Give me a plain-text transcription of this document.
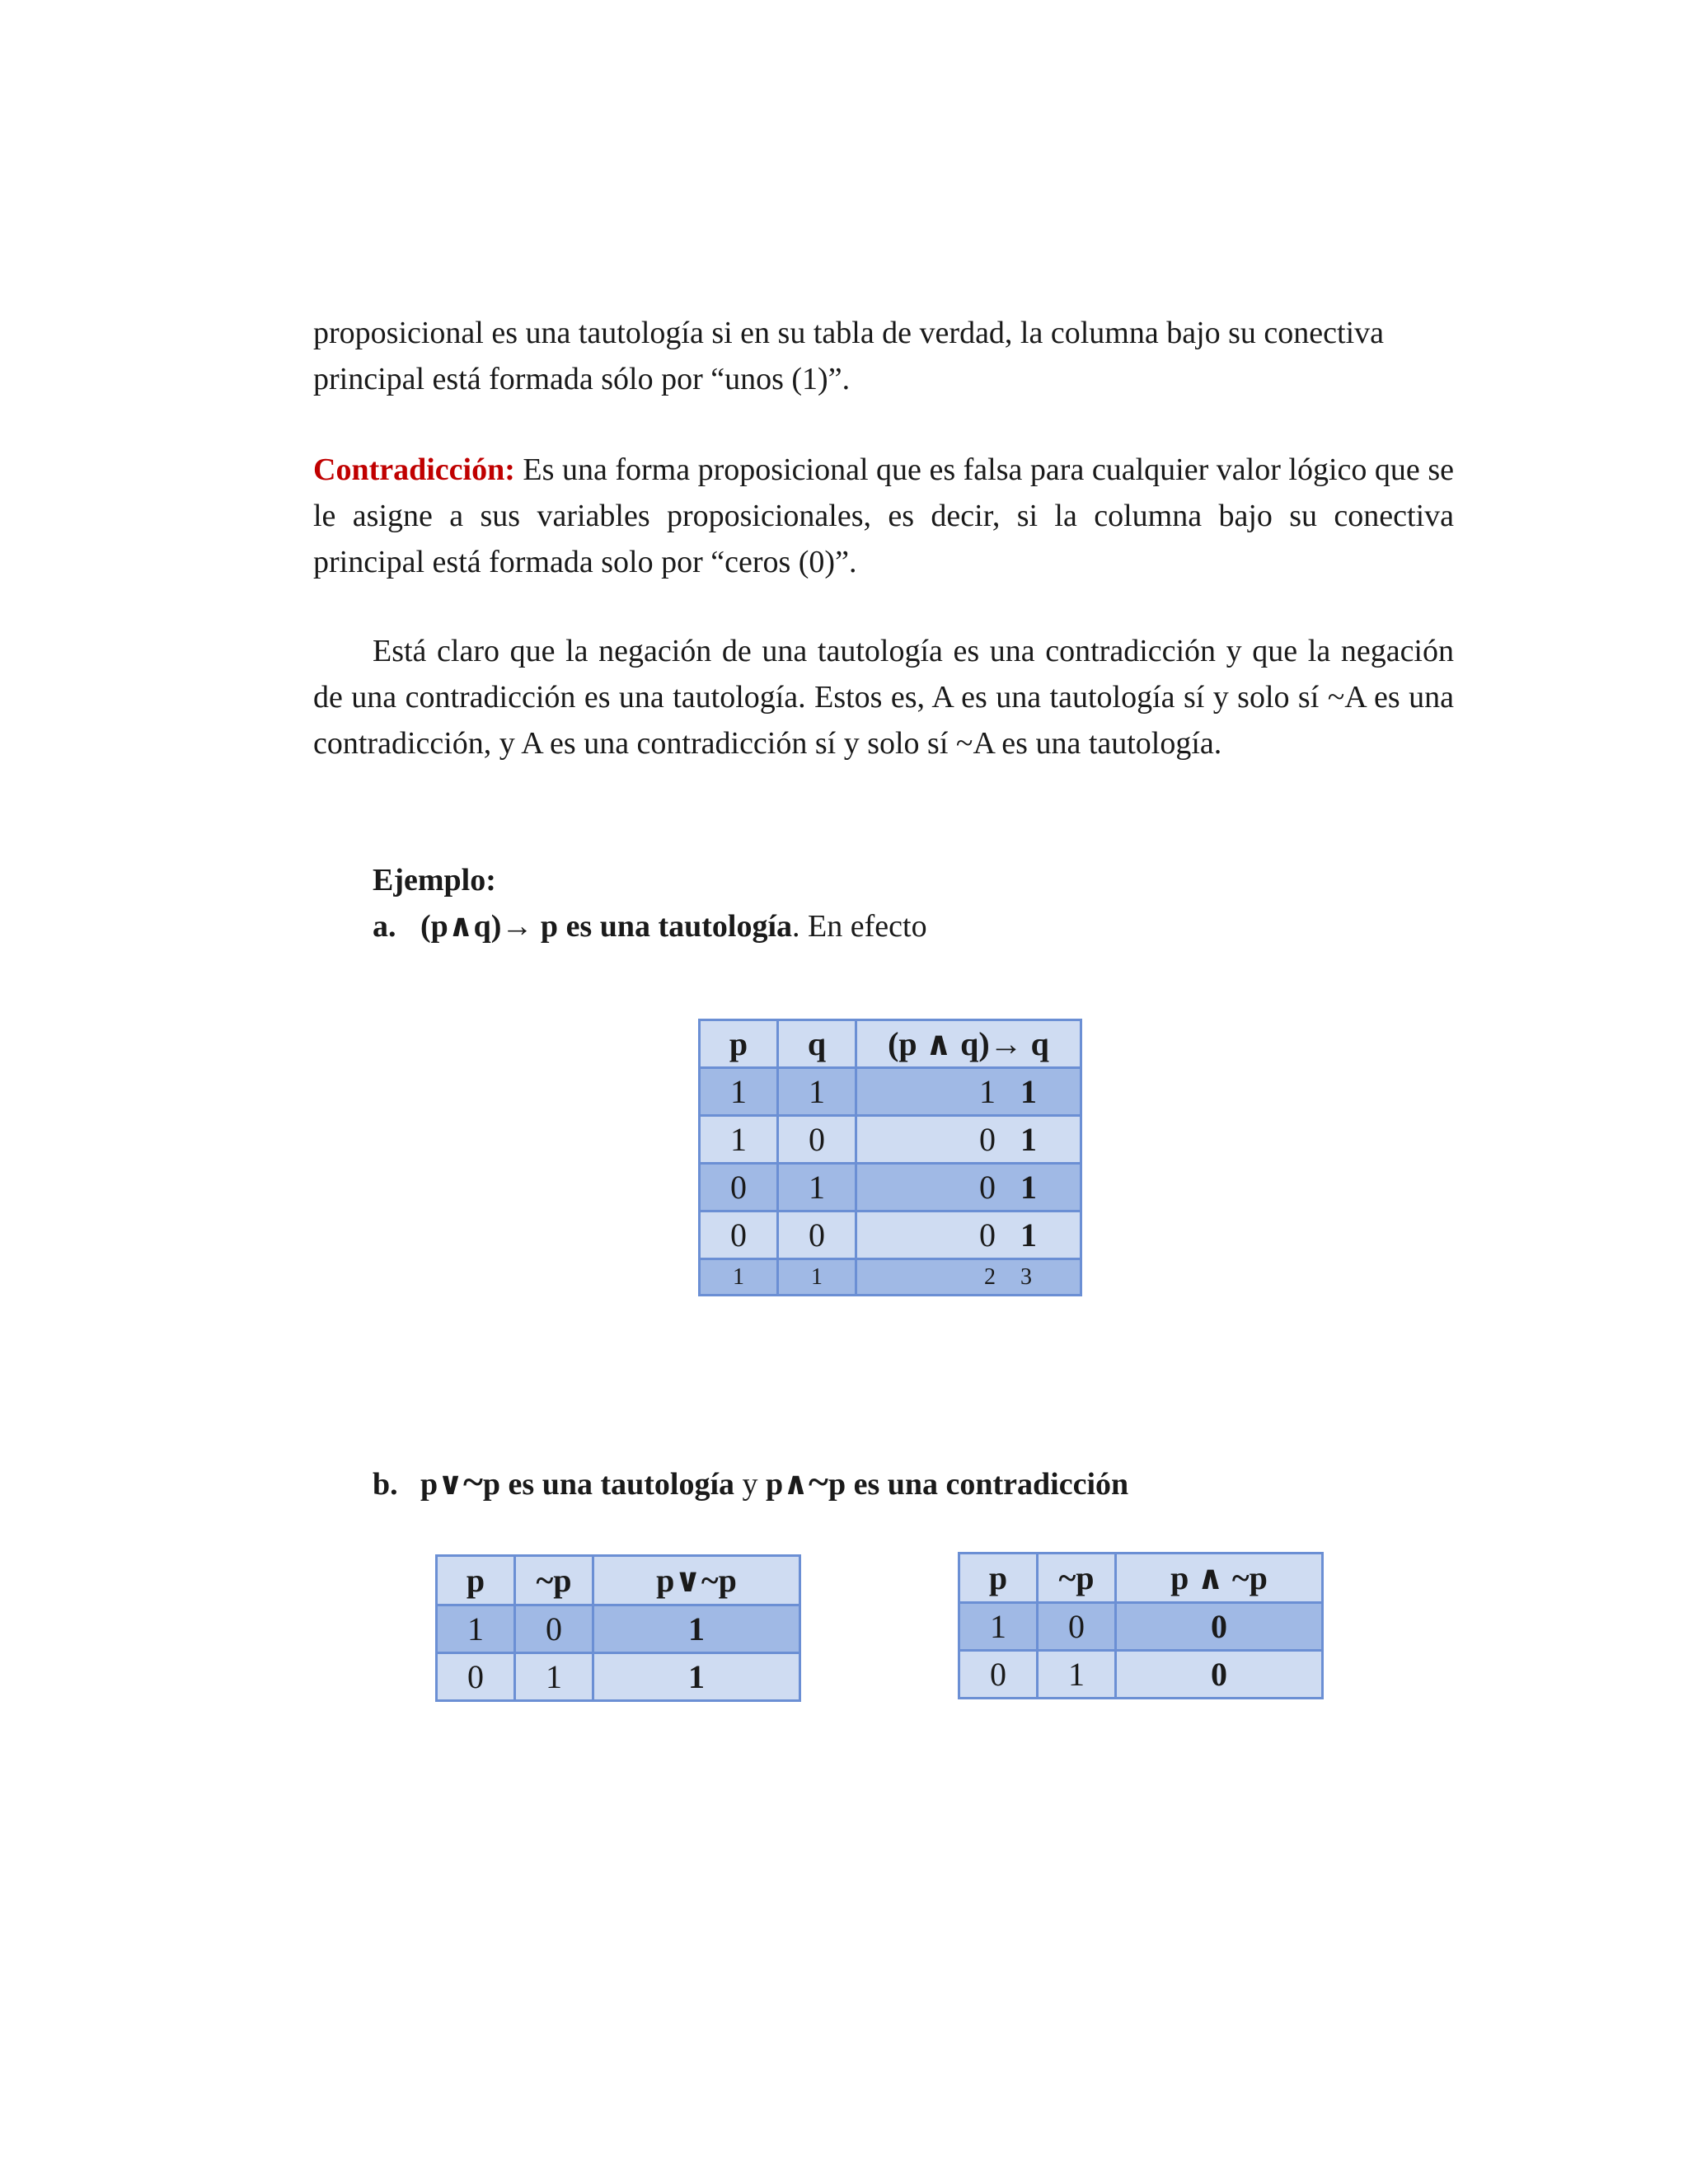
proposicional es una tautología si en su tabla de verdad, la columna bajo su conectiva
principal está formada sólo por “unos (1)”.

Contradicción: Es una forma proposicional que es falsa para cualquier valor lógico que se le asigne a sus variables proposicionales, es decir, si la columna bajo su conectiva principal está formada solo por “ceros (0)”.

Está claro que la negación de una tautología es una contradicción y que la negación de una contradicción es una tautología. Estos es, A es una tautología sí y solo sí ~A es una contradicción, y A es una contradicción sí y solo sí ~A es una tautología.

Ejemplo:

a. (p∧q)→ p es una tautología. En efecto

p	q	(p ∧ q)→ q	
1	1	1	1
1	0	0	1
0	1	0	1
0	0	0	1
1	1	2	3

b. p∨~p es una tautología y p∧~p es una contradicción

p	~p	p∨~p
1	0	1
0	1	1
p	~p	p ∧ ~p
1	0	0
0	1	0
